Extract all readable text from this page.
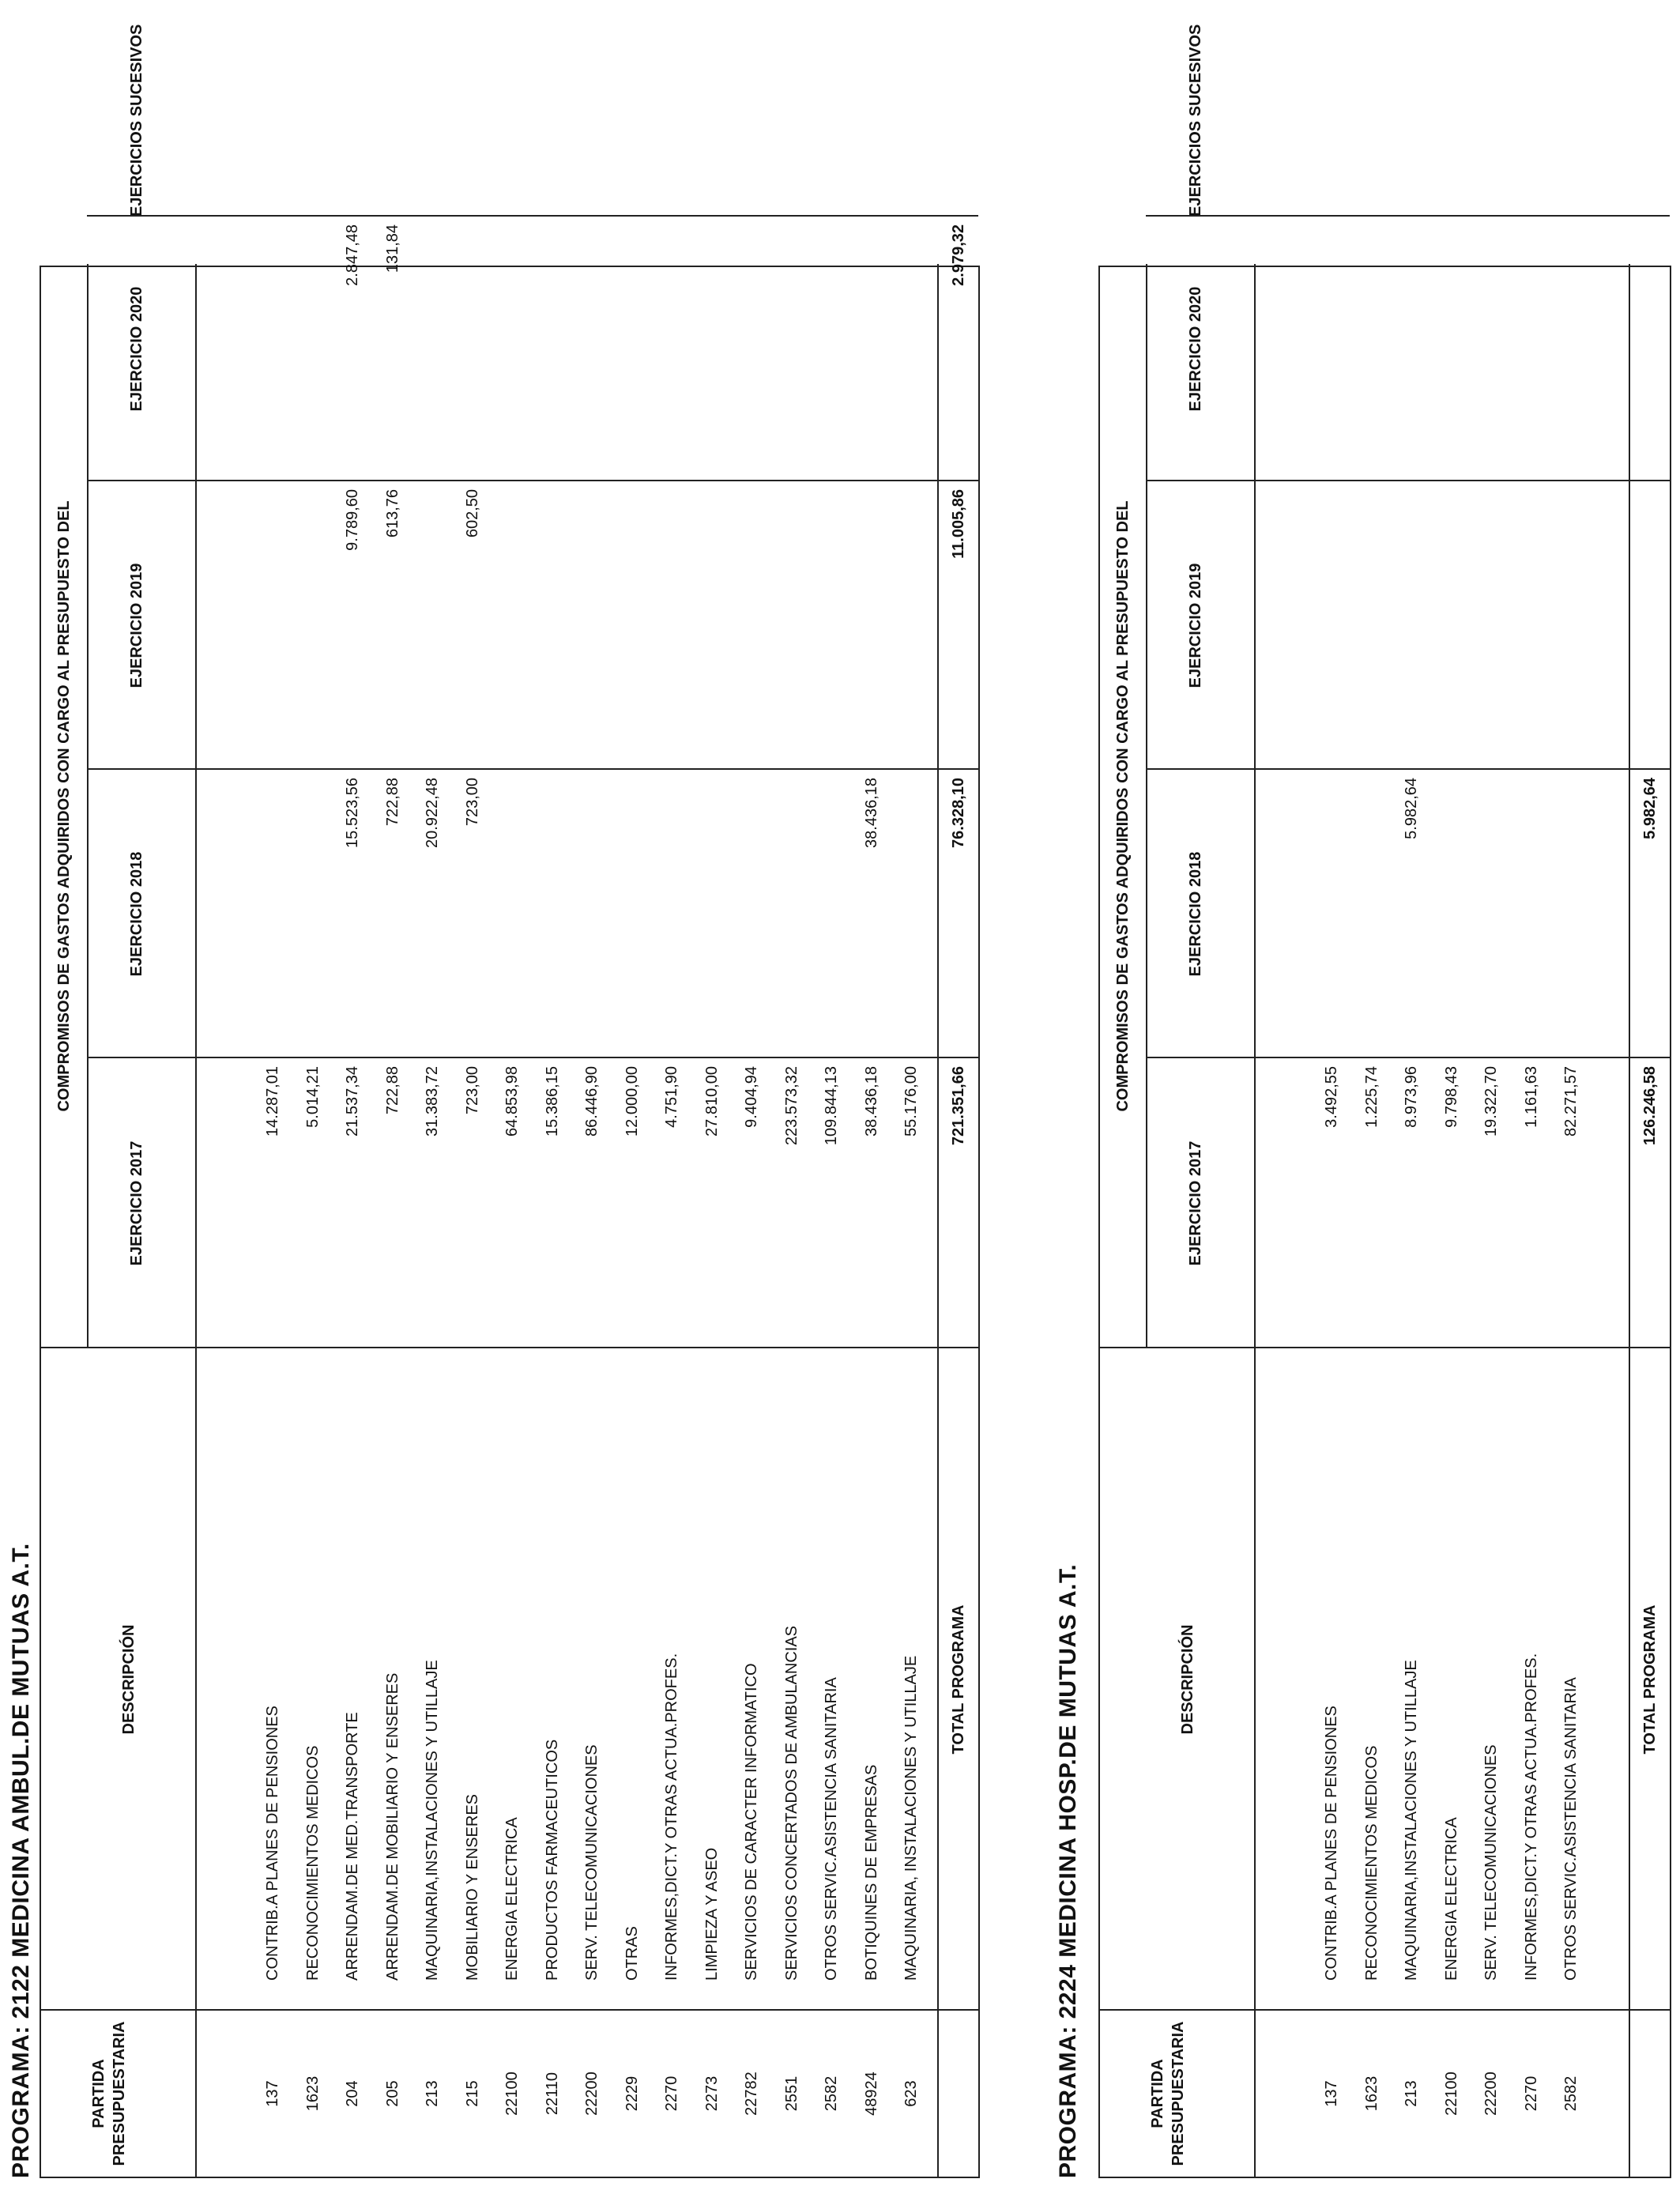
PROGRAMA: 2122 MEDICINA AMBUL.DE MUTUAS A.T.	PARTIDA PRESUPUESTARIA
DESCRIPCIÓN
COMPROMISOS DE GASTOS ADQUIRIDOS CON CARGO AL PRESUPUESTO DEL
EJERCICIO 2017
EJERCICIO 2018
EJERCICIO 2019
EJERCICIO 2020
EJERCICIOS SUCESIVOS
137
CONTRIB.A PLANES DE PENSIONES
14.287,01
1623
RECONOCIMIENTOS MEDICOS
5.014,21
204
ARRENDAM.DE MED.TRANSPORTE
21.537,34
15.523,56
9.789,60
2.847,48
205
ARRENDAM.DE MOBILIARIO Y ENSERES
722,88
722,88
613,76
131,84
213
MAQUINARIA,INSTALACIONES Y UTILLAJE
31.383,72
20.922,48
215
MOBILIARIO Y ENSERES
723,00
723,00
602,50
22100
ENERGIA ELECTRICA
64.853,98
22110
PRODUCTOS FARMACEUTICOS
15.386,15
22200
SERV. TELECOMUNICACIONES
86.446,90
2229
OTRAS
12.000,00
2270
INFORMES,DICT.Y OTRAS ACTUA.PROFES.
4.751,90
2273
LIMPIEZA Y ASEO
27.810,00
22782
SERVICIOS DE CARACTER INFORMATICO
9.404,94
2551
SERVICIOS CONCERTADOS DE AMBULANCIAS
223.573,32
2582
OTROS SERVIC.ASISTENCIA SANITARIA
109.844,13
48924
BOTIQUINES DE EMPRESAS
38.436,18
38.436,18
623
MAQUINARIA, INSTALACIONES Y UTILLAJE
55.176,00
TOTAL PROGRAMA
721.351,66
76.328,10
11.005,86
2.979,32
PROGRAMA: 2224 MEDICINA HOSP.DE MUTUAS A.T.	PARTIDA PRESUPUESTARIA
DESCRIPCIÓN
COMPROMISOS DE GASTOS ADQUIRIDOS CON CARGO AL PRESUPUESTO DEL
EJERCICIO 2017
EJERCICIO 2018
EJERCICIO 2019
EJERCICIO 2020
EJERCICIOS SUCESIVOS
137
CONTRIB.A PLANES DE PENSIONES
3.492,55
1623
RECONOCIMIENTOS MEDICOS
1.225,74
213
MAQUINARIA,INSTALACIONES Y UTILLAJE
8.973,96
5.982,64
22100
ENERGIA ELECTRICA
9.798,43
22200
SERV. TELECOMUNICACIONES
19.322,70
2270
INFORMES,DICT.Y OTRAS ACTUA.PROFES.
1.161,63
2582
OTROS SERVIC.ASISTENCIA SANITARIA
82.271,57
TOTAL PROGRAMA
126.246,58
5.982,64
